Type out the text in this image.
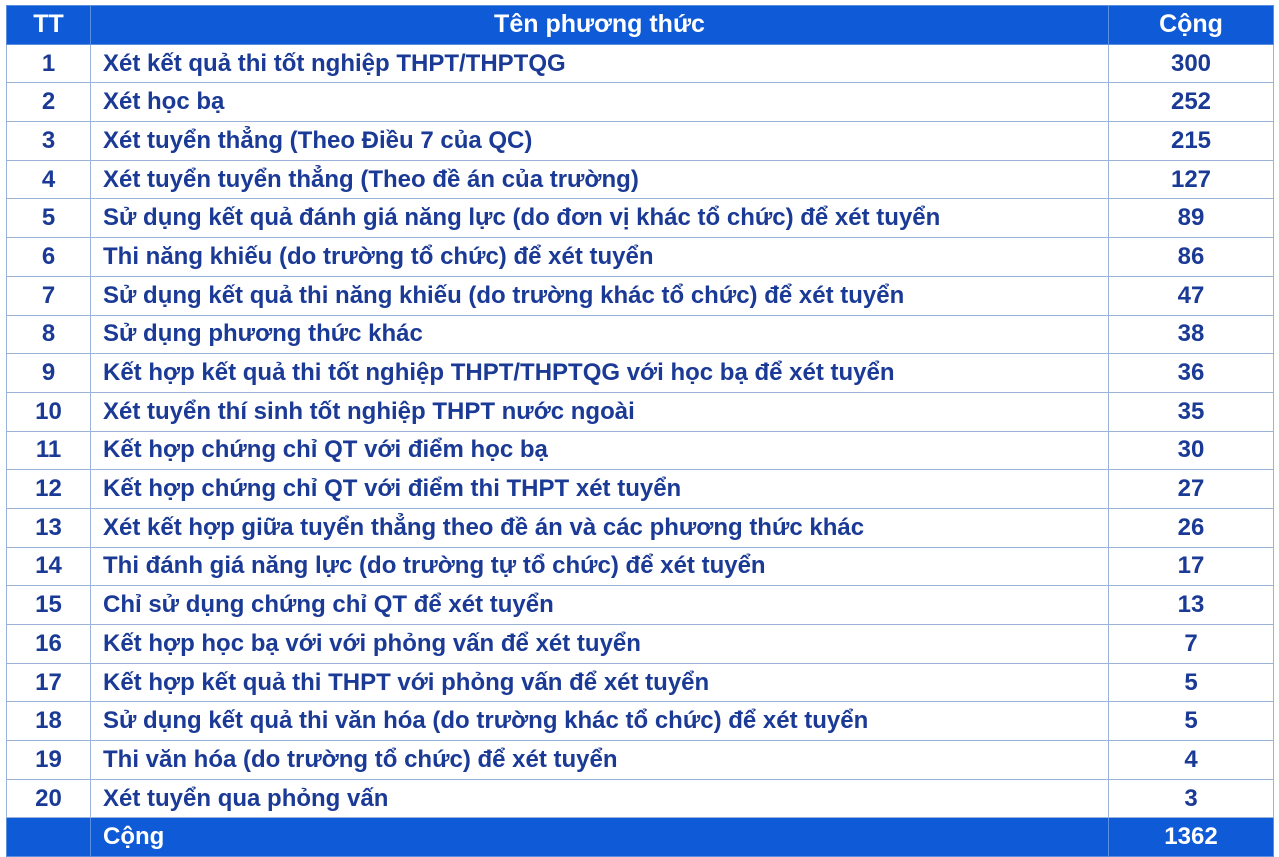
TT	Tên phương thức	Cộng
1	Xét kết quả thi tốt nghiệp THPT/THPTQG	300
2	Xét học bạ	252
3	Xét tuyển thẳng (Theo Điều 7 của QC)	215
4	Xét tuyển tuyển thẳng (Theo đề án của trường)	127
5	Sử dụng kết quả đánh giá năng lực (do đơn vị khác tổ chức) để xét tuyển	89
6	Thi năng khiếu (do trường tổ chức) để xét tuyển	86
7	Sử dụng kết quả thi năng khiếu (do trường khác tổ chức) để xét tuyển	47
8	Sử dụng phương thức khác	38
9	Kết hợp kết quả thi tốt nghiệp THPT/THPTQG với học bạ để xét tuyển	36
10	Xét tuyển thí sinh tốt nghiệp THPT nước ngoài	35
11	Kết hợp chứng chỉ QT với điểm học bạ	30
12	Kết hợp chứng chỉ QT với điểm thi THPT xét tuyển	27
13	Xét kết hợp giữa tuyển thẳng theo đề án và các phương thức khác	26
14	Thi đánh giá năng lực (do trường tự tổ chức) để xét tuyển	17
15	Chỉ sử dụng chứng chỉ QT để xét tuyển	13
16	Kết hợp học bạ với với phỏng vấn để xét tuyển	7
17	Kết hợp kết quả thi THPT với phỏng vấn để xét tuyển	5
18	Sử dụng kết quả thi văn hóa (do trường khác tổ chức) để xét tuyển	5
19	Thi văn hóa (do trường tổ chức) để xét tuyển	4
20	Xét tuyển qua phỏng vấn	3
	Cộng	1362
